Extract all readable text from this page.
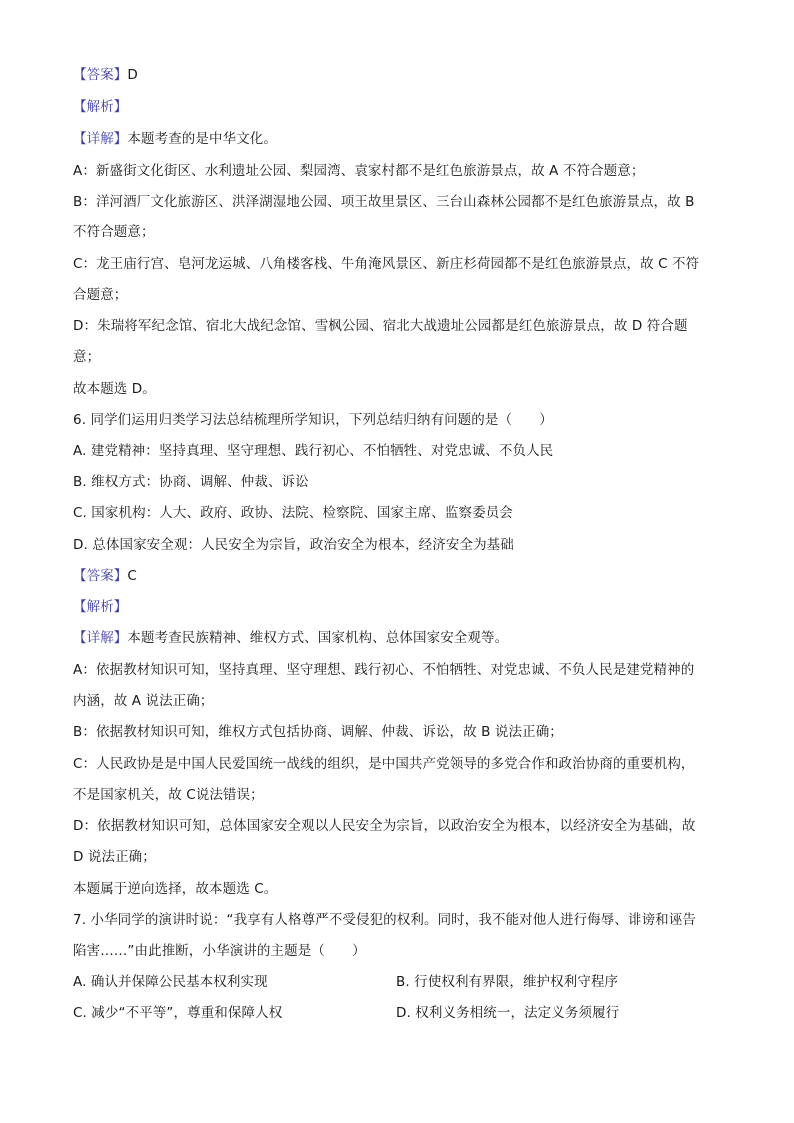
【答案】D
【解析】
【详解】本题考查的是中华文化。
A：新盛街文化街区、水利遗址公园、梨园湾、袁家村都不是红色旅游景点，故 A 不符合题意；
B：洋河酒厂文化旅游区、洪泽湖湿地公园、项王故里景区、三台山森林公园都不是红色旅游景点，故 B
不符合题意；
C：龙王庙行宫、皂河龙运城、八角楼客栈、牛角淹风景区、新庄杉荷园都不是红色旅游景点，故 C 不符
合题意；
D：朱瑞将军纪念馆、宿北大战纪念馆、雪枫公园、宿北大战遗址公园都是红色旅游景点，故 D 符合题
意；
故本题选 D。
6. 同学们运用归类学习法总结梳理所学知识，下列总结归纳有问题的是（　　）
A. 建党精神：坚持真理、坚守理想、践行初心、不怕牺牲、对党忠诚、不负人民
B. 维权方式：协商、调解、仲裁、诉讼
C. 国家机构：人大、政府、政协、法院、检察院、国家主席、监察委员会
D. 总体国家安全观：人民安全为宗旨，政治安全为根本，经济安全为基础
【答案】C
【解析】
【详解】本题考查民族精神、维权方式、国家机构、总体国家安全观等。
A：依据教材知识可知，坚持真理、坚守理想、践行初心、不怕牺牲、对党忠诚、不负人民是建党精神的
内涵，故 A 说法正确；
B：依据教材知识可知，维权方式包括协商、调解、仲裁、诉讼，故 B 说法正确；
C：人民政协是是中国人民爱国统一战线的组织，是中国共产党领导的多党合作和政治协商的重要机构，
不是国家机关，故 C说法错误；
D：依据教材知识可知，总体国家安全观以人民安全为宗旨，以政治安全为根本，以经济安全为基础，故
D 说法正确；
本题属于逆向选择，故本题选 C。
7. 小华同学的演讲时说：“我享有人格尊严不受侵犯的权利。同时，我不能对他人进行侮辱、诽谤和诬告
陷害……”由此推断，小华演讲的主题是（　　）
A. 确认并保障公民基本权利实现	B. 行使权利有界限，维护权利守程序
C. 减少“不平等”，尊重和保障人权	D. 权利义务相统一，法定义务须履行
